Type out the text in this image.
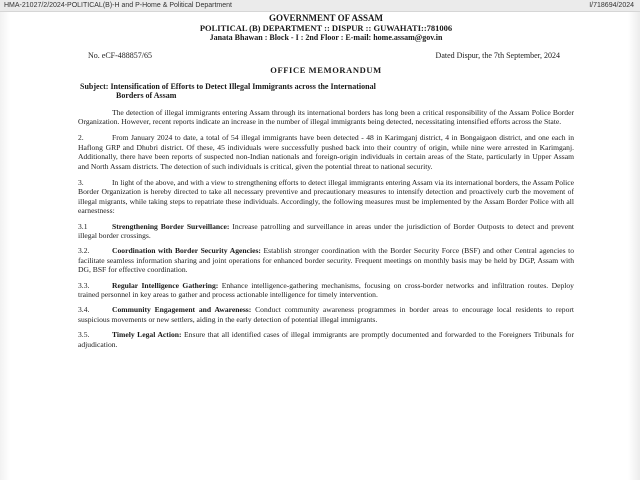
HMA-21027/2/2024-POLITICAL(B)-H and P-Home & Political Department	I/718694/2024
GOVERNMENT OF ASSAM
POLITICAL (B) DEPARTMENT :: DISPUR :: GUWAHATI::781006
Janata Bhawan : Block - I : 2nd Floor : E-mail: home.assam@gov.in
No. eCF-488857/65	Dated Dispur, the 7th September, 2024
OFFICE MEMORANDUM
Subject: Intensification of Efforts to Detect Illegal Immigrants across the International
Borders of Assam
The detection of illegal immigrants entering Assam through its international borders has long been a critical responsibility of the Assam Police Border Organization. However, recent reports indicate an increase in the number of illegal immigrants being detected, necessitating intensified efforts across the State.
2.	From January 2024 to date, a total of 54 illegal immigrants have been detected - 48 in Karimganj district, 4 in Bongaigaon district, and one each in Haflong GRP and Dhubri district. Of these, 45 individuals were successfully pushed back into their country of origin, while nine were arrested in Karimganj. Additionally, there have been reports of suspected non-Indian nationals and foreign-origin individuals in certain areas of the State, particularly in Upper Assam and North Assam districts. The detection of such individuals is critical, given the potential threat to national security.
3.	In light of the above, and with a view to strengthening efforts to detect illegal immigrants entering Assam via its international borders, the Assam Police Border Organization is hereby directed to take all necessary preventive and precautionary measures to intensify detection and proactively curb the movement of illegal migrants, while taking steps to repatriate these individuals. Accordingly, the following measures must be implemented by the Assam Border Police with all earnestness:
3.1	Strengthening Border Surveillance: Increase patrolling and surveillance in areas under the jurisdiction of Border Outposts to detect and prevent illegal border crossings.
3.2.	Coordination with Border Security Agencies: Establish stronger coordination with the Border Security Force (BSF) and other Central agencies to facilitate seamless information sharing and joint operations for enhanced border security. Frequent meetings on monthly basis may be held by DGP, Assam with DG, BSF for effective coordination.
3.3.	Regular Intelligence Gathering: Enhance intelligence-gathering mechanisms, focusing on cross-border networks and infiltration routes. Deploy trained personnel in key areas to gather and process actionable intelligence for timely intervention.
3.4.	Community Engagement and Awareness: Conduct community awareness programmes in border areas to encourage local residents to report suspicious movements or new settlers, aiding in the early detection of potential illegal immigrants.
3.5.	Timely Legal Action: Ensure that all identified cases of illegal immigrants are promptly documented and forwarded to the Foreigners Tribunals for adjudication.
